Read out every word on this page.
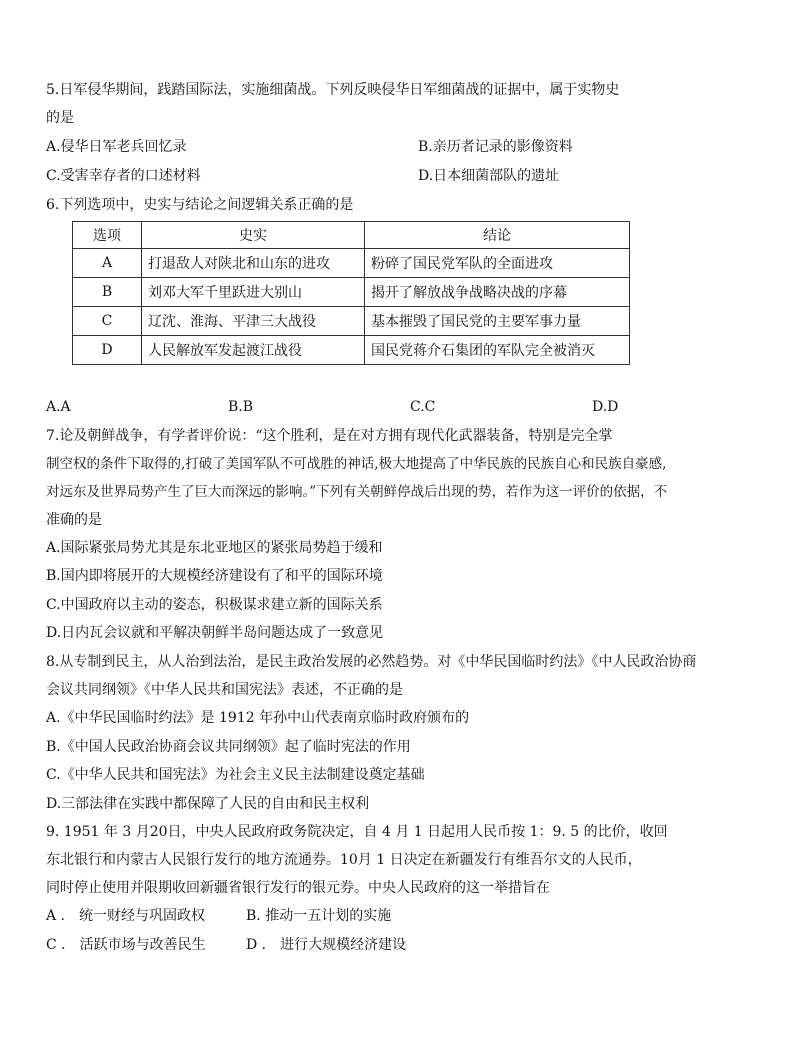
5.日军侵华期间，践踏国际法，实施细菌战。下列反映侵华日军细菌战的证据中，属于实物史
的是
A.侵华日军老兵回忆录	B.亲历者记录的影像资料
C.受害幸存者的口述材料	D.日本细菌部队的遗址
6.下列选项中，史实与结论之间逻辑关系正确的是
选项	史实	结论
A	打退敌人对陕北和山东的进攻	粉碎了国民党军队的全面进攻
B	刘邓大军千里跃进大别山	揭开了解放战争战略决战的序幕
C	辽沈、淮海、平津三大战役	基本摧毁了国民党的主要军事力量
D	人民解放军发起渡江战役	国民党蒋介石集团的军队完全被消灭
A.A	B.B	C.C	D.D
7.论及朝鲜战争，有学者评价说：“这个胜利，是在对方拥有现代化武器装备，特别是完全掌
制空权的条件下取得的,打破了美国军队不可战胜的神话,极大地提高了中华民族的民族自心和民族自豪感,
对远东及世界局势产生了巨大而深远的影响。”下列有关朝鲜停战后出现的势，若作为这一评价的依据，不
准确的是
A.国际紧张局势尤其是东北亚地区的紧张局势趋于缓和
B.国内即将展开的大规模经济建设有了和平的国际环境
C.中国政府以主动的姿态，积极谋求建立新的国际关系
D.日内瓦会议就和平解决朝鲜半岛问题达成了一致意见
8.从专制到民主，从人治到法治，是民主政治发展的必然趋势。对《中华民国临时约法》《中人民政治协商
会议共同纲领》《中华人民共和国宪法》表述，不正确的是
A.《中华民国临时约法》是 1912 年孙中山代表南京临时政府颁布的
B.《中国人民政治协商会议共同纲领》起了临时宪法的作用
C.《中华人民共和国宪法》为社会主义民主法制建设奠定基础
D.三部法律在实践中都保障了人民的自由和民主权利
9. 1951 年 3 月20日，中央人民政府政务院决定，自 4 月 1 日起用人民币按 1：9. 5 的比价，收回
东北银行和内蒙古人民银行发行的地方流通券。10月 1 日决定在新疆发行有维吾尔文的人民币，
同时停止使用并限期收回新疆省银行发行的银元券。中央人民政府的这一举措旨在
A ． 统一财经与巩固政权	B. 推动一五计划的实施
C ． 活跃市场与改善民生	D ． 进行大规模经济建设
